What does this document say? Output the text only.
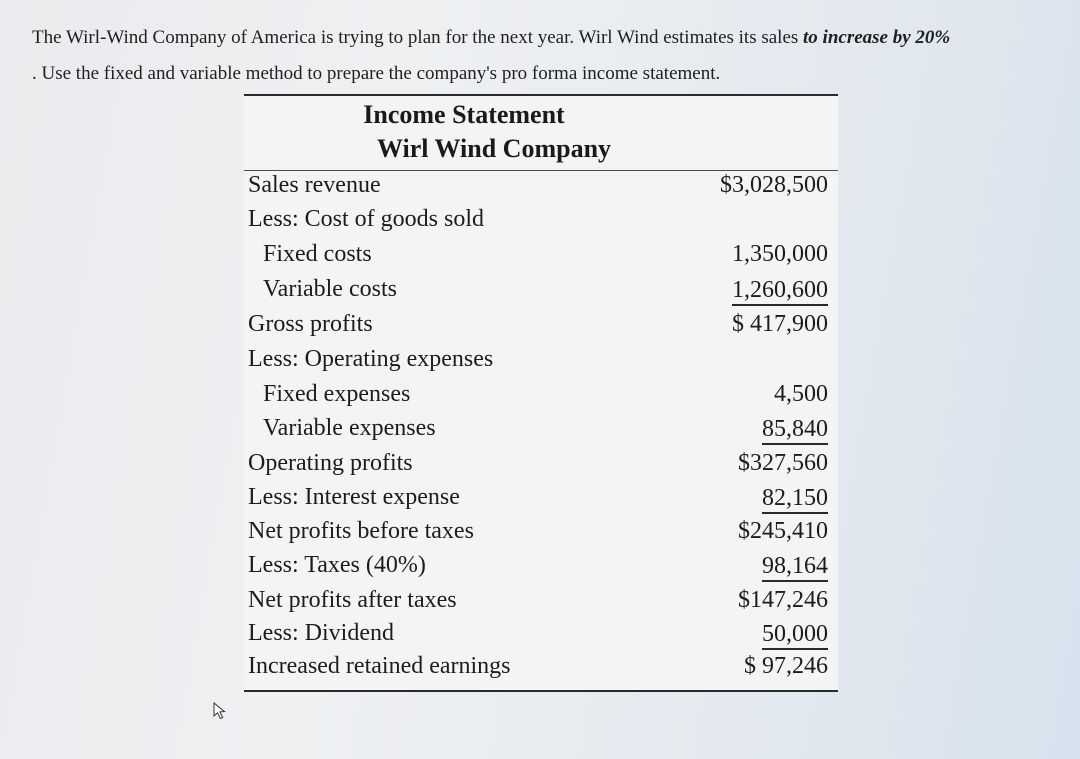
The Wirl-Wind Company of America is trying to plan for the next year. Wirl Wind estimates its sales to increase by 20%
. Use the fixed and variable method to prepare the company's pro forma income statement.
Income Statement
Wirl Wind Company
Sales revenue	$3,028,500
Less: Cost of goods sold
Fixed costs	1,350,000
Variable costs	1,260,600
Gross profits	$ 417,900
Less: Operating expenses
Fixed expenses	4,500
Variable expenses	85,840
Operating profits	$327,560
Less: Interest expense	82,150
Net profits before taxes	$245,410
Less: Taxes (40%)	98,164
Net profits after taxes	$147,246
Less: Dividend	50,000
Increased retained earnings	$ 97,246
